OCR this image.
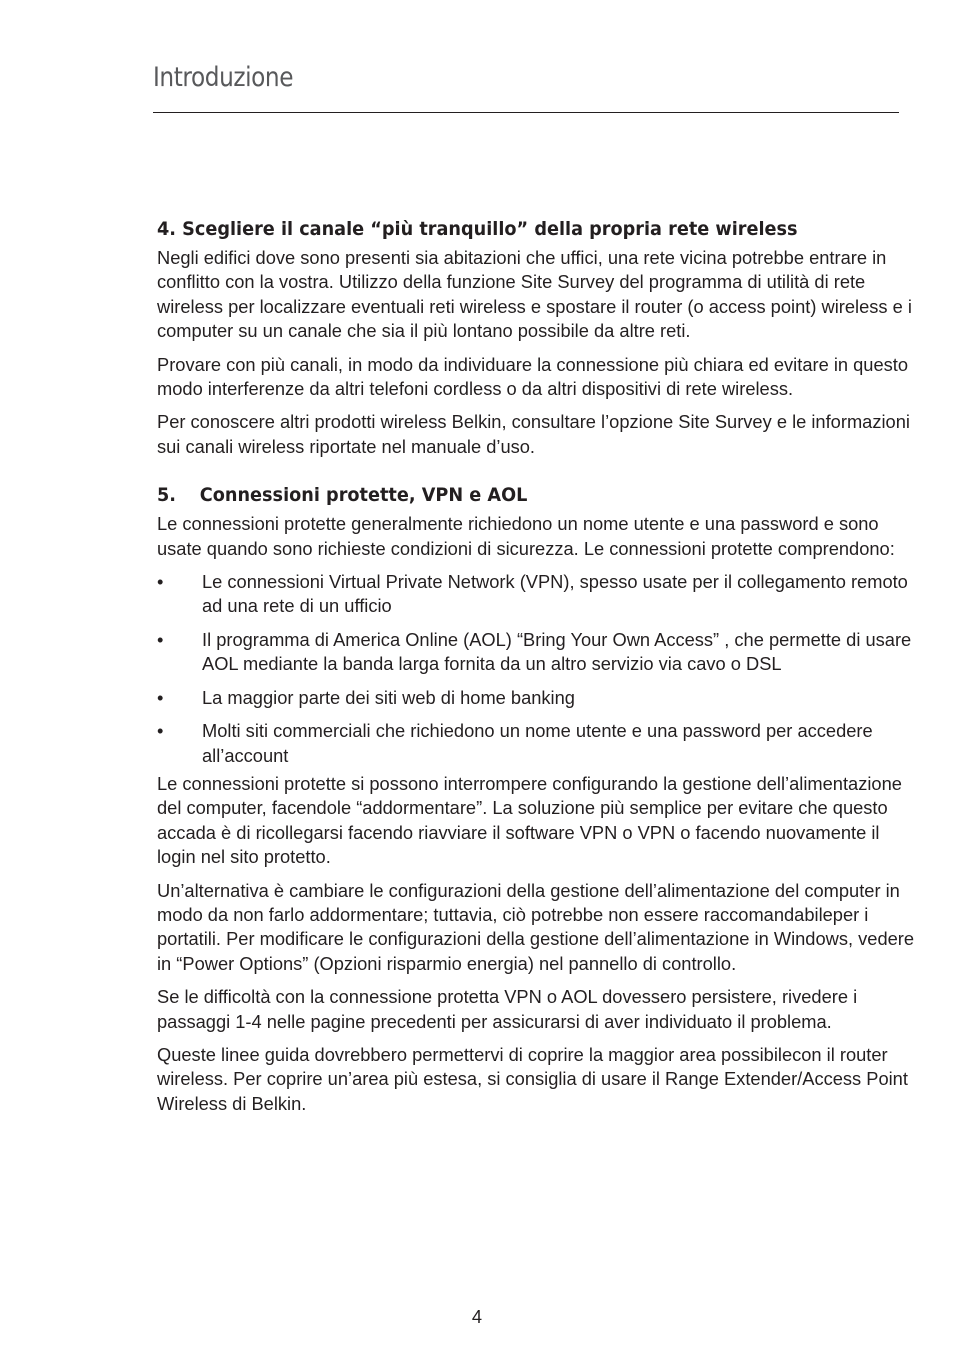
Introduzione
4. Scegliere il canale “più tranquillo” della propria rete wireless

Negli edifici dove sono presenti sia abitazioni che uffici, una rete vicina potrebbe entrare in conflitto con la vostra. Utilizzo della funzione Site Survey del programma di utilità di rete wireless per localizzare eventuali reti wireless e spostare il router (o access point) wireless e i computer su un canale che sia il più lontano possibile da altre reti.

Provare con più canali, in modo da individuare la connessione più chiara ed evitare in questo modo interferenze da altri telefoni cordless o da altri dispositivi di rete wireless.

Per conoscere altri prodotti wireless Belkin, consultare l’opzione Site Survey e le informazioni sui canali wireless riportate nel manuale d’uso.

5. Connessioni protette, VPN e AOL

Le connessioni protette generalmente richiedono un nome utente e una password e sono usate quando sono richieste condizioni di sicurezza. Le connessioni protette comprendono:

• Le connessioni Virtual Private Network (VPN), spesso usate per il collegamento remoto ad una rete di un ufficio
• Il programma di America Online (AOL) “Bring Your Own Access” , che permette di usare AOL mediante la banda larga fornita da un altro servizio via cavo o DSL
• La maggior parte dei siti web di home banking
• Molti siti commerciali che richiedono un nome utente e una password per accedere all’account

Le connessioni protette si possono interrompere configurando la gestione dell’alimentazione del computer, facendole “addormentare”. La soluzione più semplice per evitare che questo accada è di ricollegarsi facendo riavviare il software VPN o VPN o facendo nuovamente il login nel sito protetto.

Un’alternativa è cambiare le configurazioni della gestione dell’alimentazione del computer in modo da non farlo addormentare; tuttavia, ciò potrebbe non essere raccomandabileper i portatili. Per modificare le configurazioni della gestione dell’alimentazione in Windows, vedere in “Power Options” (Opzioni risparmio energia) nel pannello di controllo.

Se le difficoltà con la connessione protetta VPN o AOL dovessero persistere, rivedere i passaggi 1-4 nelle pagine precedenti per assicurarsi di aver individuato il problema.

Queste linee guida dovrebbero permettervi di coprire la maggior area possibilecon il router wireless. Per coprire un’area più estesa, si consiglia di usare il Range Extender/Access Point Wireless di Belkin.

4
